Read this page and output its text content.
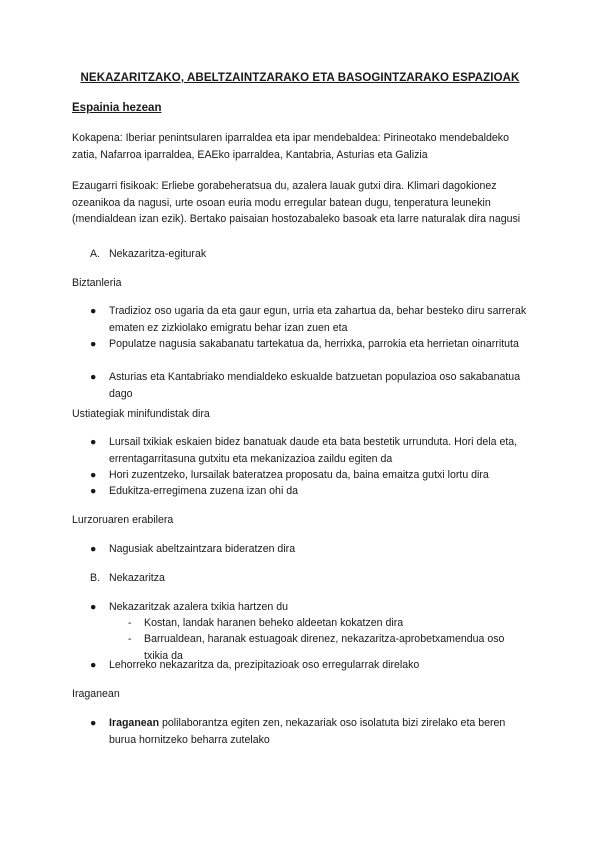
NEKAZARITZAKO, ABELTZAINTZARAKO ETA BASOGINTZARAKO ESPAZIOAK
Espainia hezean
Kokapena: Iberiar penintsularen iparraldea eta ipar mendebaldea: Pirineotako mendebaldeko zatia, Nafarroa iparraldea, EAEko iparraldea, Kantabria, Asturias eta Galizia
Ezaugarri fisikoak: Erliebe gorabeheratsua du, azalera lauak gutxi dira. Klimari dagokionez ozeanikoa da nagusi, urte osoan euria modu erregular batean dugu, tenperatura leunekin (mendialdean izan ezik). Bertako paisaian hostozabaleko basoak eta larre naturalak dira nagusi
A. Nekazaritza-egiturak
Biztanleria
● Tradizioz oso ugaria da eta gaur egun, urria eta zahartua da, behar besteko diru sarrerak ematen ez zizkiolako emigratu behar izan zuen eta
● Populatze nagusia sakabanatu tartekatua da, herrixka, parrokia eta herrietan oinarrituta
● Asturias eta Kantabriako mendialdeko eskualde batzuetan populazioa oso sakabanatua dago
Ustiategiak minifundistak dira
● Lursail txikiak eskaien bidez banatuak daude eta bata bestetik urrunduta. Hori dela eta, errentagarritasuna gutxitu eta mekanizazioa zaildu egiten da
● Hori zuzentzeko, lursailak bateratzea proposatu da, baina emaitza gutxi lortu dira
● Edukitza-erregimena zuzena izan ohi da
Lurzoruaren erabilera
● Nagusiak abeltzaintzara bideratzen dira
B. Nekazaritza
● Nekazaritzak azalera txikia hartzen du
- Kostan, landak haranen beheko aldeetan kokatzen dira
- Barrualdean, haranak estuagoak direnez, nekazaritza-aprobetxamendua oso txikia da
● Lehorreko nekazaritza da, prezipitazioak oso erregularrak direlako
Iraganean
● Iraganean polilaborantza egiten zen, nekazariak oso isolatuta bizi zirelako eta beren burua hornitzeko beharra zutelako
